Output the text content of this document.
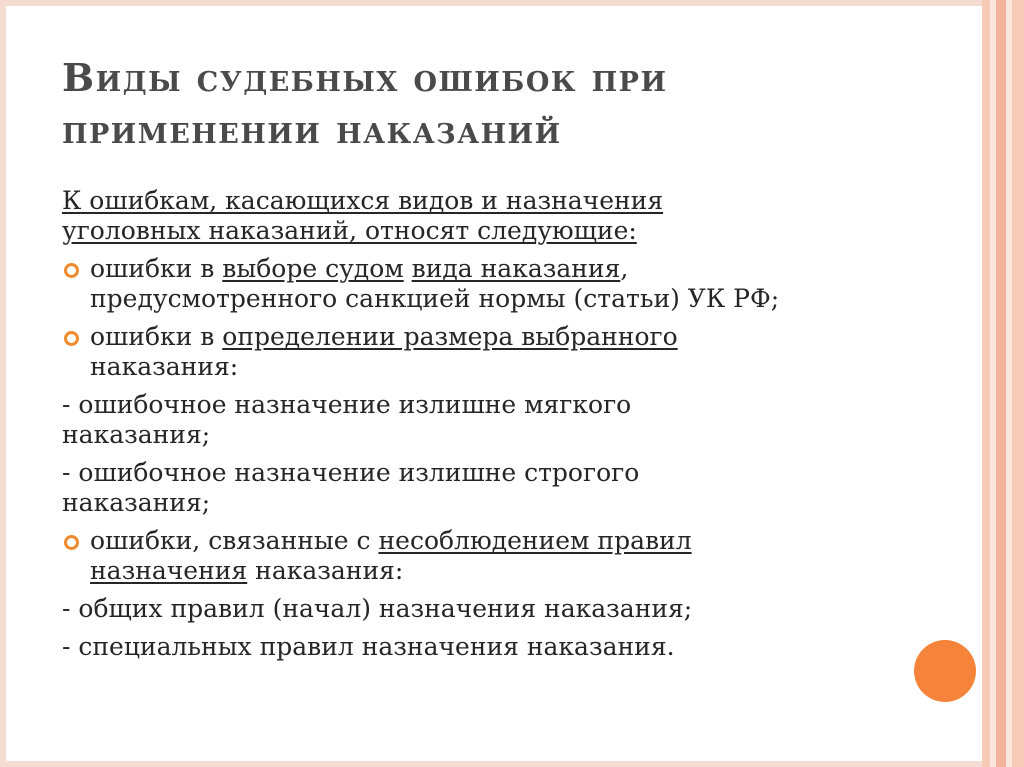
Виды судебных ошибок при
применении наказаний
К ошибкам, касающихся видов и назначения
уголовных наказаний, относят следующие:
ошибки в выборе судом вида наказания,
предусмотренного санкцией нормы (статьи) УК РФ;
ошибки в определении размера выбранного
наказания:
- ошибочное назначение излишне мягкого
наказания;
- ошибочное назначение излишне строгого
наказания;
ошибки, связанные с несоблюдением правил
назначения наказания:
- общих правил (начал) назначения наказания;
- специальных правил назначения наказания.
